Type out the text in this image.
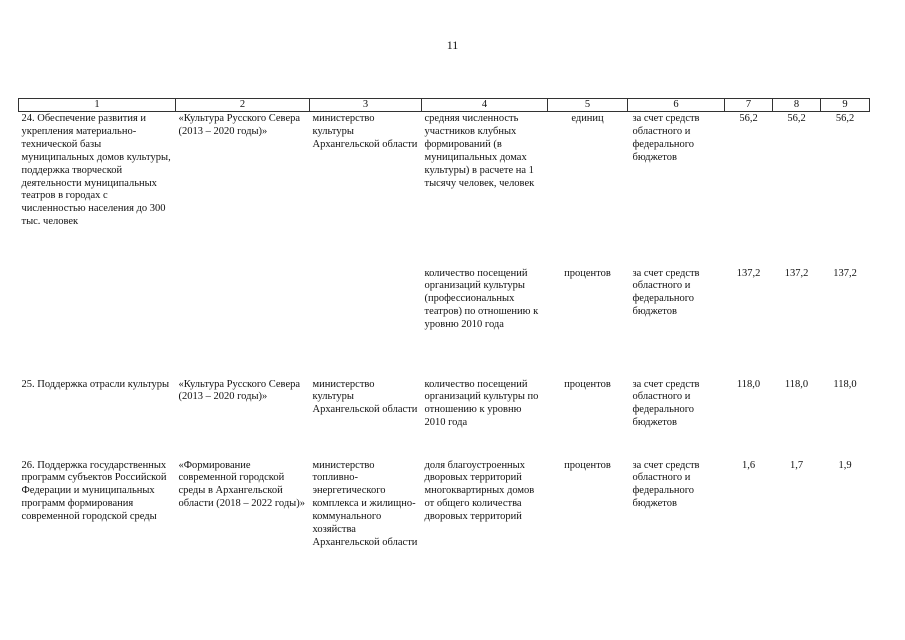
11
1	2	3	4	5	6	7	8	9
24. Обеспечение развития и укрепления материально-технической базы муниципальных домов культуры, поддержка творческой деятельности муниципальных театров в городах с численностью населения до 300 тыс. человек	«Культура Русского Севера (2013 – 2020 годы)»	министерство культуры Архангельской области	средняя численность участников клубных формирований (в муниципальных домах культуры) в расчете на 1 тысячу человек, человек	единиц	за счет средств областного и федерального бюджетов	56,2	56,2	56,2
			количество посещений организаций культуры (профессиональных театров) по отношению к уровню 2010 года	процентов	за счет средств областного и федерального бюджетов	137,2	137,2	137,2
25. Поддержка отрасли культуры	«Культура Русского Севера (2013 – 2020 годы)»	министерство культуры Архангельской области	количество посещений организаций культуры по отношению к уровню 2010 года	процентов	за счет средств областного и федерального бюджетов	118,0	118,0	118,0
26. Поддержка государственных программ субъектов Российской Федерации и муниципальных программ формирования современной городской среды	«Формирование современной городской среды в Архангельской области (2018 – 2022 годы)»	министерство топливно-энергетического комплекса и жилищно-коммунального хозяйства Архангельской области	доля благоустроенных дворовых территорий многоквартирных домов от общего количества дворовых территорий	процентов	за счет средств областного и федерального бюджетов	1,6	1,7	1,9
